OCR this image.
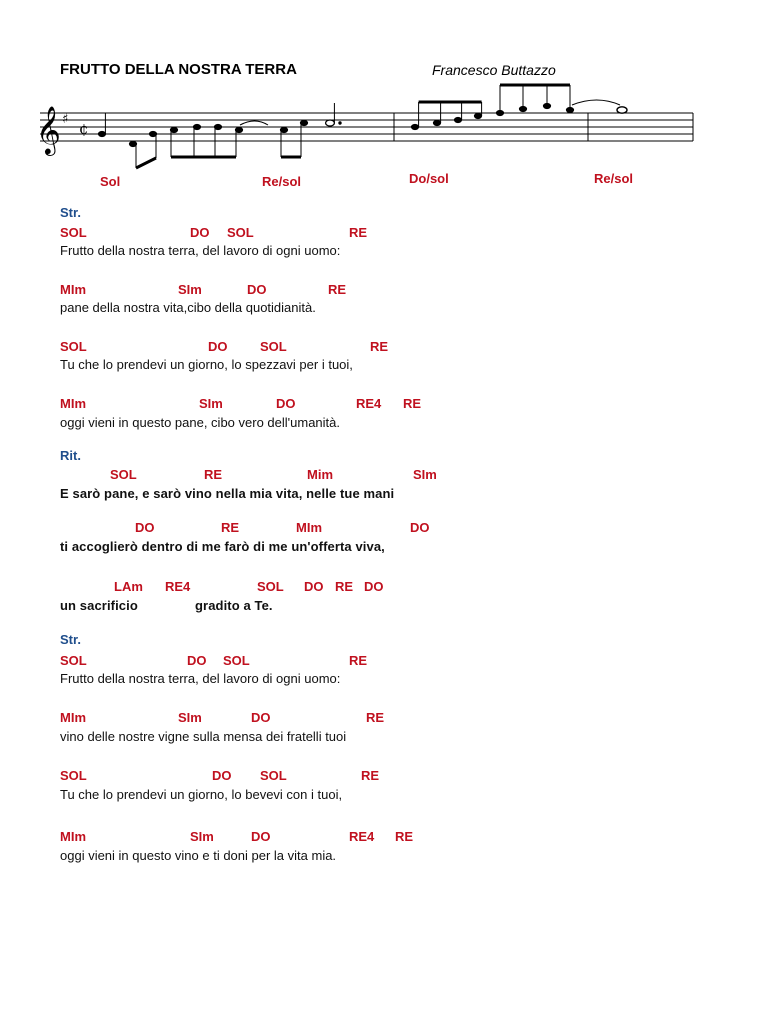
FRUTTO DELLA NOSTRA TERRA	Francesco Buttazzo
𝄞 ♯
¢
Sol	Re/sol	Do/sol	Re/sol
Str.
SOL	DO SOL	RE
Frutto della nostra terra, del lavoro di ogni uomo:
MIm	SIm	DO	RE
pane della nostra vita,cibo della quotidianità.
SOL	DO	SOL	RE
Tu che lo prendevi un giorno, lo spezzavi per i tuoi,
MIm	SIm	DO	RE4 RE
oggi vieni in questo pane, cibo vero dell'umanità.
Rit.
SOL	RE	Mim	SIm
E sarò pane, e sarò vino nella mia vita, nelle tue mani
DO	RE	MIm	DO
ti accoglierò dentro di me farò di me un'offerta viva,
LAm RE4	SOL DO RE DO
un sacrificio	gradito a Te.
Str.
SOL	DO SOL	RE
Frutto della nostra terra, del lavoro di ogni uomo:
MIm	SIm	DO	RE
vino delle nostre vigne sulla mensa dei fratelli tuoi
SOL	DO SOL	RE
Tu che lo prendevi un giorno, lo bevevi con i tuoi,
MIm	SIm	DO	RE4 RE
oggi vieni in questo vino e ti doni per la vita mia.
